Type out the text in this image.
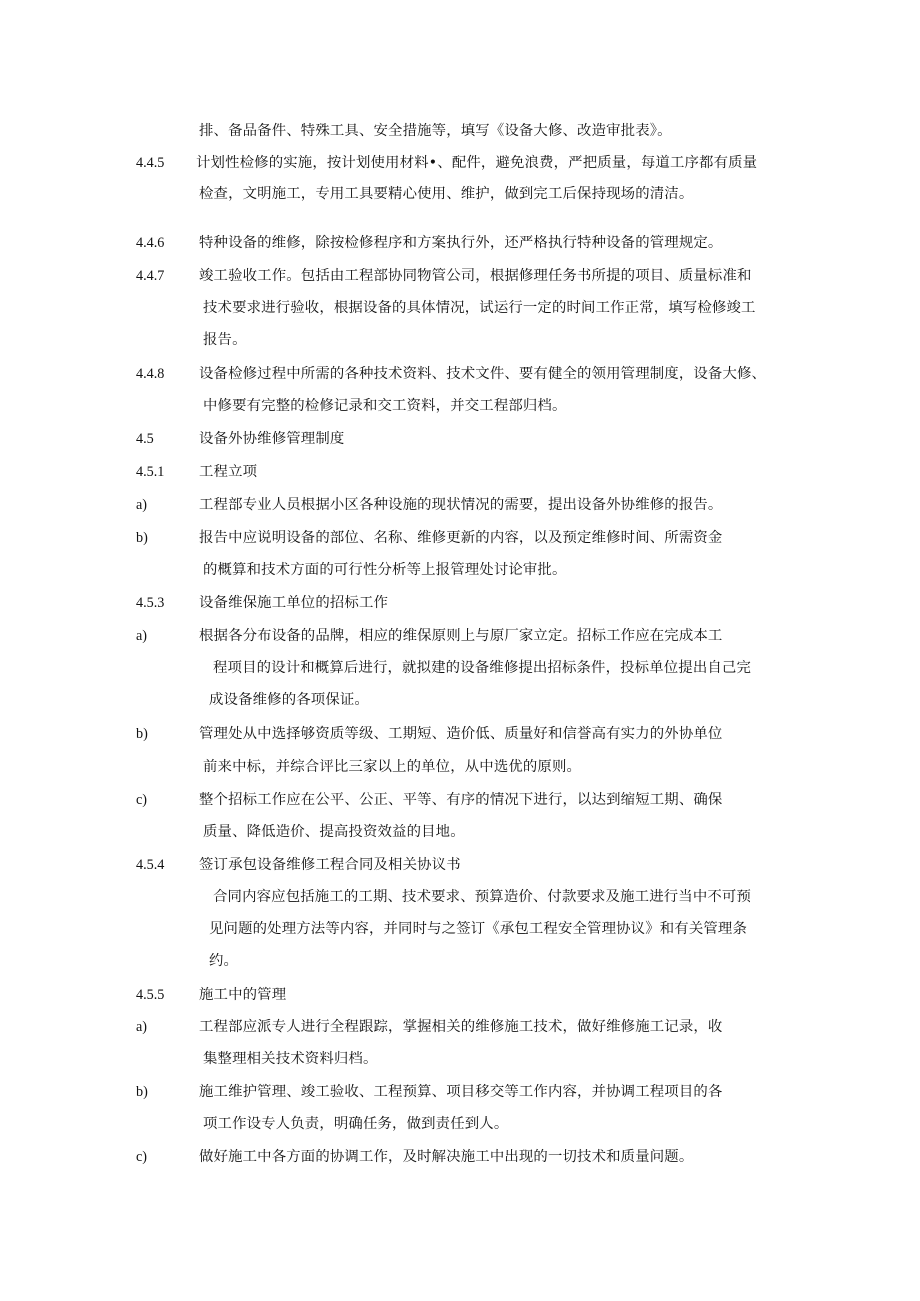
排、备品备件、特殊工具、安全措施等，填写《设备大修、改造审批表》。
4.4.5 计划性检修的实施，按计划使用材料•、配件，避免浪费，严把质量，每道工序都有质量
检查，文明施工，专用工具要精心使用、维护，做到完工后保持现场的清洁。
4.4.6 特种设备的维修，除按检修程序和方案执行外，还严格执行特种设备的管理规定。
4.4.7 竣工验收工作。包括由工程部协同物管公司，根据修理任务书所提的项目、质量标准和
技术要求进行验收，根据设备的具体情况，试运行一定的时间工作正常，填写检修竣工
报告。
4.4.8 设备检修过程中所需的各种技术资料、技术文件、要有健全的领用管理制度，设备大修、
中修要有完整的检修记录和交工资料，并交工程部归档。
4.5	设备外协维修管理制度
4.5.1 工程立项
a)	工程部专业人员根据小区各种设施的现状情况的需要，提出设备外协维修的报告。
b)	报告中应说明设备的部位、名称、维修更新的内容，以及预定维修时间、所需资金
的概算和技术方面的可行性分析等上报管理处讨论审批。
4.5.3 设备维保施工单位的招标工作
a)	根据各分布设备的品牌，相应的维保原则上与原厂家立定。招标工作应在完成本工
程项目的设计和概算后进行，就拟建的设备维修提出招标条件，投标单位提出自己完
成设备维修的各项保证。
b)	管理处从中选择够资质等级、工期短、造价低、质量好和信誉高有实力的外协单位
前来中标，并综合评比三家以上的单位，从中选优的原则。
c)	整个招标工作应在公平、公正、平等、有序的情况下进行，以达到缩短工期、确保
质量、降低造价、提高投资效益的目地。
4.5.4 签订承包设备维修工程合同及相关协议书
合同内容应包括施工的工期、技术要求、预算造价、付款要求及施工进行当中不可预
见问题的处理方法等内容，并同时与之签订《承包工程安全管理协议》和有关管理条
约。
4.5.5 施工中的管理
a)	工程部应派专人进行全程跟踪，掌握相关的维修施工技术，做好维修施工记录，收
集整理相关技术资料归档。
b)	施工维护管理、竣工验收、工程预算、项目移交等工作内容，并协调工程项目的各
项工作设专人负责，明确任务，做到责任到人。
c)	做好施工中各方面的协调工作，及时解决施工中出现的一切技术和质量问题。
